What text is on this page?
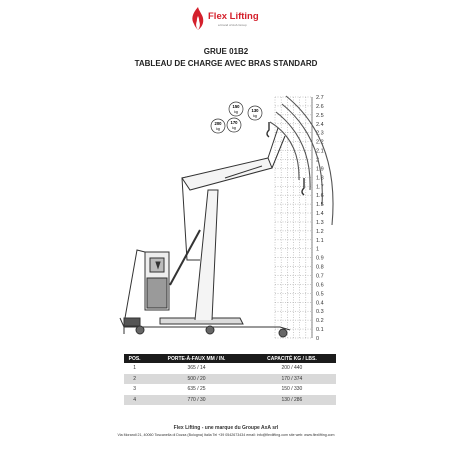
Flex Lifting
a brand of AxA Group
GRUE 01B2
TABLEAU DE CHARGE AVEC BRAS STANDARD
2.7
2.6
2.5
2.4
2.3
2.2
2.1
2
1.9
1.8
1.7
1.6
1.5
1.4
1.3
1.2
1.1
1
0.9
0.8
0.7
0.6
0.5
0.4
0.3
0.2
0.1
0
150
kg	130
kg
200
kg
170
kg
POS.	PORTE-À-FAUX MM / IN.	CAPACITÉ KG / LBS.
1	365 / 14	200 / 440
2	500 / 20	170 / 374
3	635 / 25	150 / 330
4	770 / 30	130 / 286
Flex Lifting - une marque du Groupe AxA srl
Via Morandi 21, 40060 Toscanella di Dozza (Bologna) Italia Tel +39 0542673434 email: info@flexlifting.com site web: www.flexlifting.com
